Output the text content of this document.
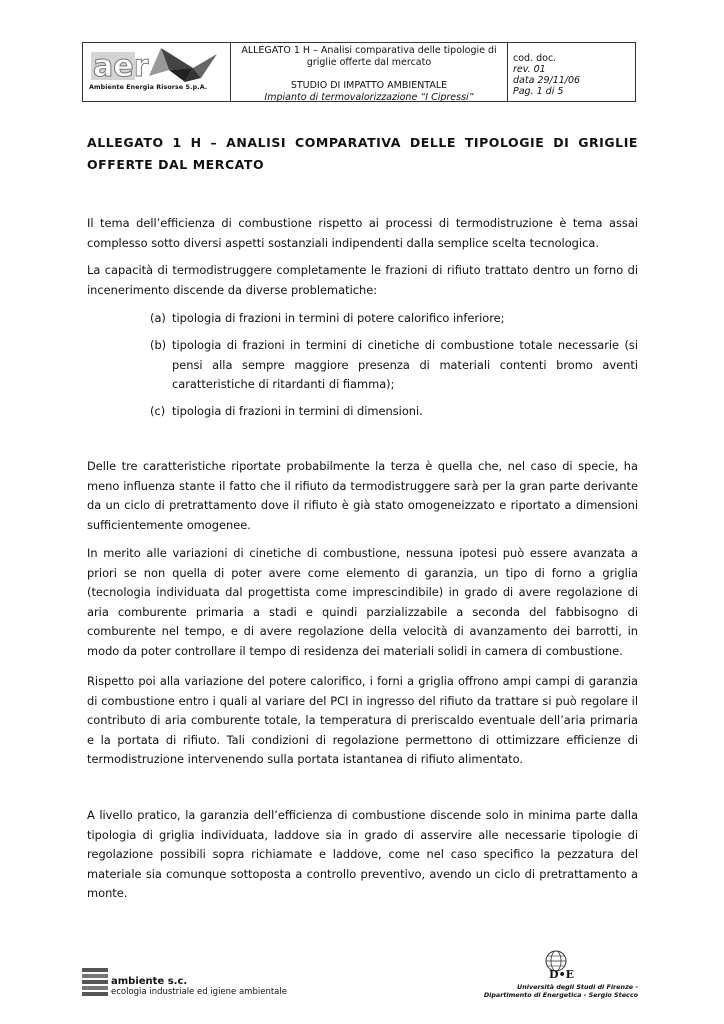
aer
Ambiente Energia Risorse S.p.A.
ALLEGATO 1 H – Analisi comparativa delle tipologie di griglie offerte dal mercato
STUDIO DI IMPATTO AMBIENTALE
Impianto di termovalorizzazione “I Cipressi”
cod. doc.
rev. 01
data 29/11/06
Pag. 1 di 5
ALLEGATO 1 H – ANALISI COMPARATIVA DELLE TIPOLOGIE DI GRIGLIE OFFERTE DAL MERCATO

Il tema dell’efficienza di combustione rispetto ai processi di termodistruzione è tema assai complesso sotto diversi aspetti sostanziali indipendenti dalla semplice scelta tecnologica.

La capacità di termodistruggere completamente le frazioni di rifiuto trattato dentro un forno di incenerimento discende da diverse problematiche:

(a) tipologia di frazioni in termini di potere calorifico inferiore;
(b) tipologia di frazioni in termini di cinetiche di combustione totale necessarie (si pensi alla sempre maggiore presenza di materiali contenti bromo aventi caratteristiche di ritardanti di fiamma);
(c) tipologia di frazioni in termini di dimensioni.

Delle tre caratteristiche riportate probabilmente la terza è quella che, nel caso di specie, ha meno influenza stante il fatto che il rifiuto da termodistruggere sarà per la gran parte derivante da un ciclo di pretrattamento dove il rifiuto è già stato omogeneizzato e riportato a dimensioni sufficientemente omogenee.

In merito alle variazioni di cinetiche di combustione, nessuna ipotesi può essere avanzata a priori se non quella di poter avere come elemento di garanzia, un tipo di forno a griglia (tecnologia individuata dal progettista come imprescindibile) in grado di avere regolazione di aria comburente primaria a stadi e quindi parzializzabile a seconda del fabbisogno di comburente nel tempo, e di avere regolazione della velocità di avanzamento dei barrotti, in modo da poter controllare il tempo di residenza dei materiali solidi in camera di combustione.

Rispetto poi alla variazione del potere calorifico, i forni a griglia offrono ampi campi di garanzia di combustione entro i quali al variare del PCI in ingresso del rifiuto da trattare si può regolare il contributo di aria comburente totale, la temperatura di preriscaldo eventuale dell’aria primaria e la portata di rifiuto. Tali condizioni di regolazione permettono di ottimizzare efficienze di termodistruzione intervenendo sulla portata istantanea di rifiuto alimentato.

A livello pratico, la garanzia dell’efficienza di combustione discende solo in minima parte dalla tipologia di griglia individuata, laddove sia in grado di asservire alle necessarie tipologie di regolazione possibili sopra richiamate e laddove, come nel caso specifico la pezzatura del materiale sia comunque sottoposta a controllo preventivo, avendo un ciclo di pretrattamento a monte.

ambiente s.c.
ecologia industriale ed igiene ambientale
D•E
Università degli Studi di Firenze -
Dipartimento di Energetica - Sergio Stecco
